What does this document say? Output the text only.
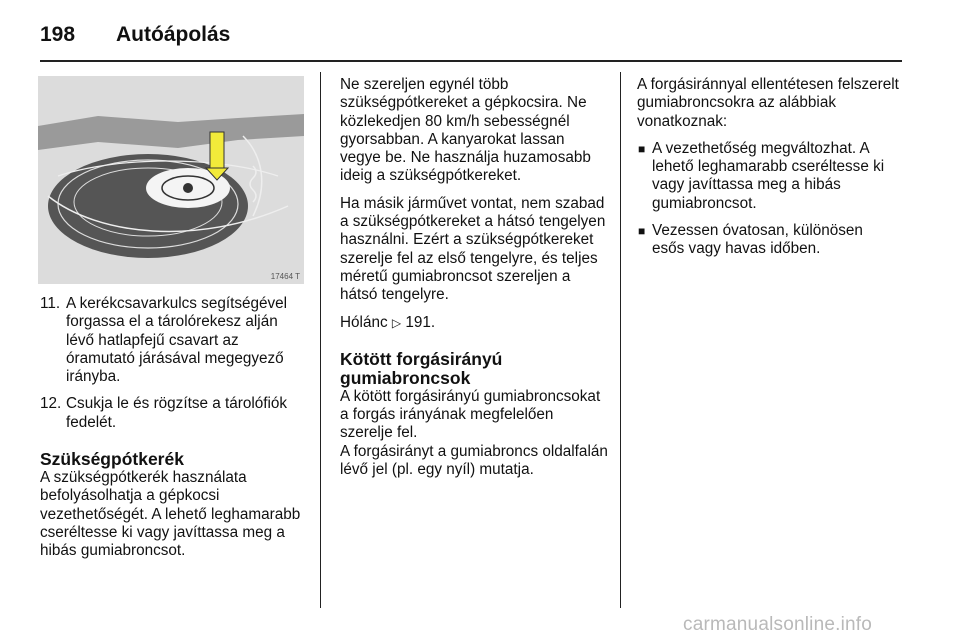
198	Autóápolás
17464 T
11. A kerékcsavarkulcs segítségével forgassa el a tárolórekesz alján lévő hatlapfejű csavart az óramutató járásával megegyező irányba.
12. Csukja le és rögzítse a tárolófiók fedelét.
Szükségpótkerék

A szükségpótkerék használata befolyásolhatja a gépkocsi vezethetőségét. A lehető leghamarabb cseréltesse ki vagy javíttassa meg a hibás gumiabroncsot.

Ne szereljen egynél több szükségpótkereket a gépkocsira. Ne közlekedjen 80 km/h sebességnél gyorsabban. A kanyarokat lassan vegye be. Ne használja huzamosabb ideig a szükségpótkereket.

Ha másik járművet vontat, nem szabad a szükségpótkereket a hátsó tengelyen használni. Ezért a szükségpótkereket szerelje fel az első tengelyre, és teljes méretű gumiabroncsot szereljen a hátsó tengelyre.

Hólánc ▷ 191.

Kötött forgásirányú gumiabroncsok

A kötött forgásirányú gumiabroncsokat a forgás irányának megfelelően szerelje fel.

A forgásirányt a gumiabroncs oldalfalán lévő jel (pl. egy nyíl) mutatja.

A forgásiránnyal ellentétesen felszerelt gumiabroncsokra az alábbiak vonatkoznak:

■ A vezethetőség megváltozhat. A lehető leghamarabb cseréltesse ki vagy javíttassa meg a hibás gumiabroncsot.
■ Vezessen óvatosan, különösen esős vagy havas időben.
carmanualsonline.info
